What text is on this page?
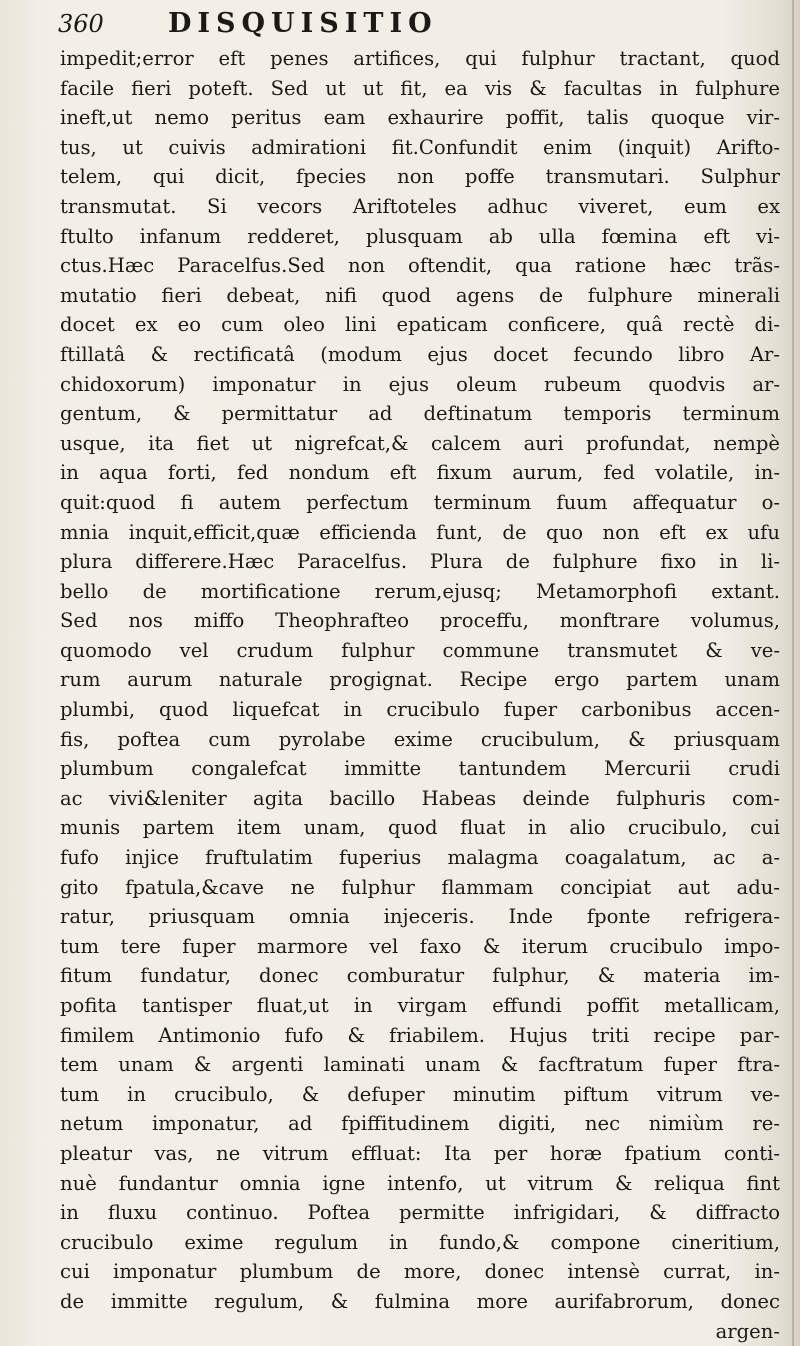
360 DISQUISITIO
impedit;error eft penes artifices, qui fulphur tractant, quod
facile fieri poteft. Sed ut ut fit, ea vis & facultas in fulphure
ineft,ut nemo peritus eam exhaurire poffit, talis quoque vir-
tus, ut cuivis admirationi fit.Confundit enim (inquit) Arifto-
telem, qui dicit, fpecies non poffe transmutari. Sulphur
transmutat. Si vecors Ariftoteles adhuc viveret, eum ex
ftulto infanum redderet, plusquam ab ulla fœmina eft vi-
ctus.Hæc Paracelfus.Sed non oftendit, qua ratione hæc trãs-
mutatio fieri debeat, nifi quod agens de fulphure minerali
docet ex eo cum oleo lini epaticam conficere, quâ rectè di-
ftillatâ & rectificatâ (modum ejus docet fecundo libro Ar-
chidoxorum) imponatur in ejus oleum rubeum quodvis ar-
gentum, & permittatur ad deftinatum temporis terminum
usque, ita fiet ut nigrefcat,& calcem auri profundat, nempè
in aqua forti, fed nondum eft fixum aurum, fed volatile, in-
quit:quod fi autem perfectum terminum fuum affequatur o-
mnia inquit,efficit,quæ efficienda funt, de quo non eft ex ufu
plura differere.Hæc Paracelfus. Plura de fulphure fixo in li-
bello de mortificatione rerum,ejusq; Metamorphofi extant.
Sed nos miffo Theophrafteo proceffu, monftrare volumus,
quomodo vel crudum fulphur commune transmutet & ve-
rum aurum naturale progignat. Recipe ergo partem unam
plumbi, quod liquefcat in crucibulo fuper carbonibus accen-
fis, poftea cum pyrolabe exime crucibulum, & priusquam
plumbum congalefcat immitte tantundem Mercurii crudi
ac vivi&leniter agita bacillo Habeas deinde fulphuris com-
munis partem item unam, quod fluat in alio crucibulo, cui
fufo injice fruftulatim fuperius malagma coagalatum, ac a-
gito fpatula,&cave ne fulphur flammam concipiat aut adu-
ratur, priusquam omnia injeceris. Inde fponte refrigera-
tum tere fuper marmore vel faxo & iterum crucibulo impo-
fitum fundatur, donec comburatur fulphur, & materia im-
pofita tantisper fluat,ut in virgam effundi poffit metallicam,
fimilem Antimonio fufo & friabilem. Hujus triti recipe par-
tem unam & argenti laminati unam & facftratum fuper ftra-
tum in crucibulo, & defuper minutim piftum vitrum ve-
netum imponatur, ad fpiffitudinem digiti, nec nimiùm re-
pleatur vas, ne vitrum effluat: Ita per horæ fpatium conti-
nuè fundantur omnia igne intenfo, ut vitrum & reliqua fint
in fluxu continuo. Poftea permitte infrigidari, & diffracto
crucibulo exime regulum in fundo,& compone cineritium,
cui imponatur plumbum de more, donec intensè currat, in-
de immitte regulum, & fulmina more aurifabrorum, donec
argen-
